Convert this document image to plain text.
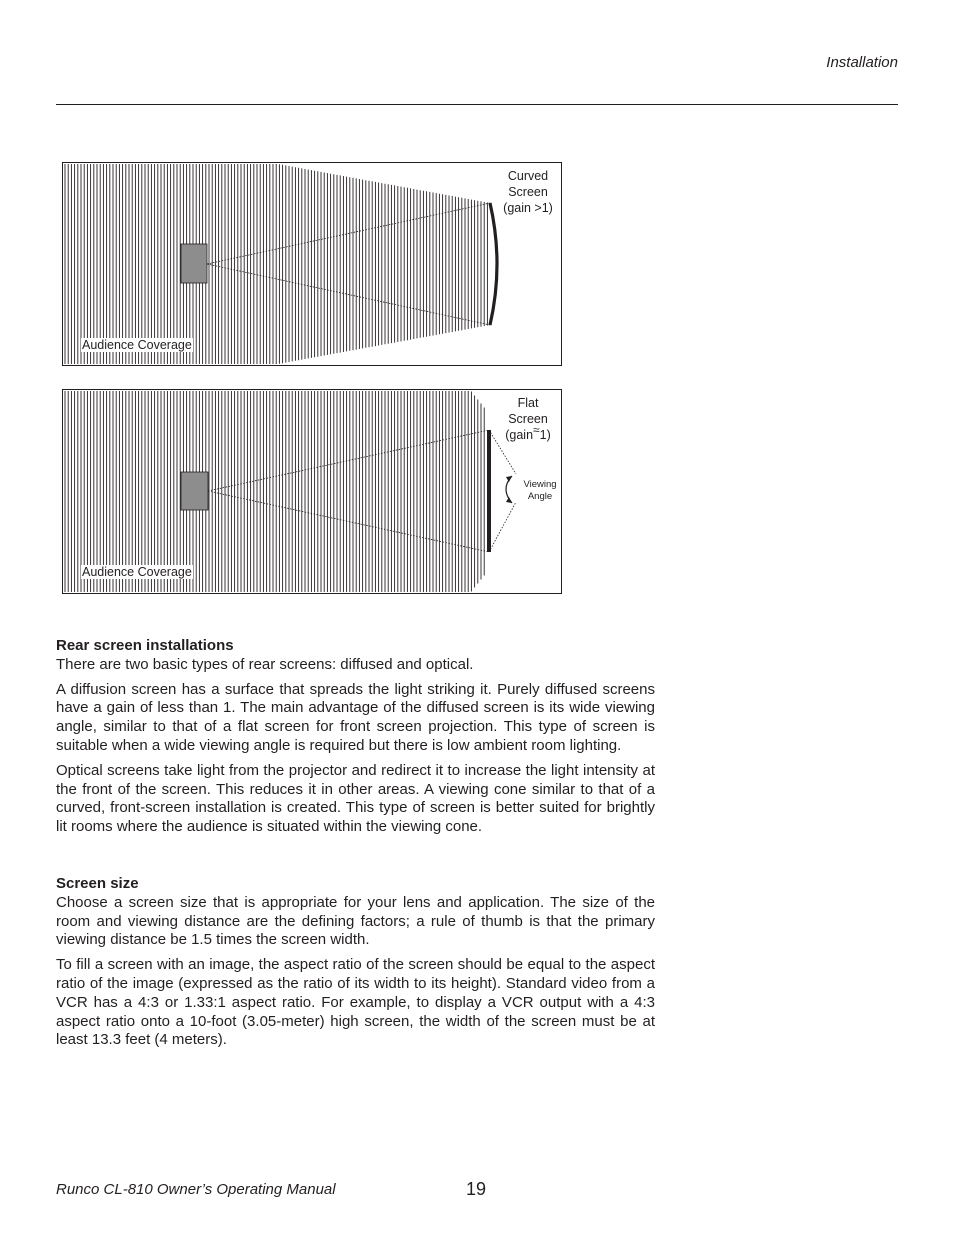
Installation
Curved
Screen
(gain >1)
Audience Coverage
Flat
Screen
(gain≈1)
Viewing
Angle
Audience Coverage
Rear screen installations

There are two basic types of rear screens: diffused and optical.

A diffusion screen has a surface that spreads the light striking it. Purely diffused screens have a gain of less than 1. The main advantage of the diffused screen is its wide viewing angle, similar to that of a flat screen for front screen projection. This type of screen is suitable when a wide viewing angle is required but there is low ambient room lighting.

Optical screens take light from the projector and redirect it to increase the light intensity at the front of the screen. This reduces it in other areas. A viewing cone similar to that of a curved, front-screen installation is created. This type of screen is better suited for brightly lit rooms where the audience is situated within the viewing cone.

Screen size

Choose a screen size that is appropriate for your lens and application. The size of the room and viewing distance are the defining factors; a rule of thumb is that the primary viewing distance be 1.5 times the screen width.

To fill a screen with an image, the aspect ratio of the screen should be equal to the aspect ratio of the image (expressed as the ratio of its width to its height). Standard video from a VCR has a 4:3 or 1.33:1 aspect ratio. For example, to display a VCR output with a 4:3 aspect ratio onto a 10-foot (3.05-meter) high screen, the width of the screen must be at least 13.3 feet (4 meters).

Runco CL-810 Owner’s Operating Manual	19
